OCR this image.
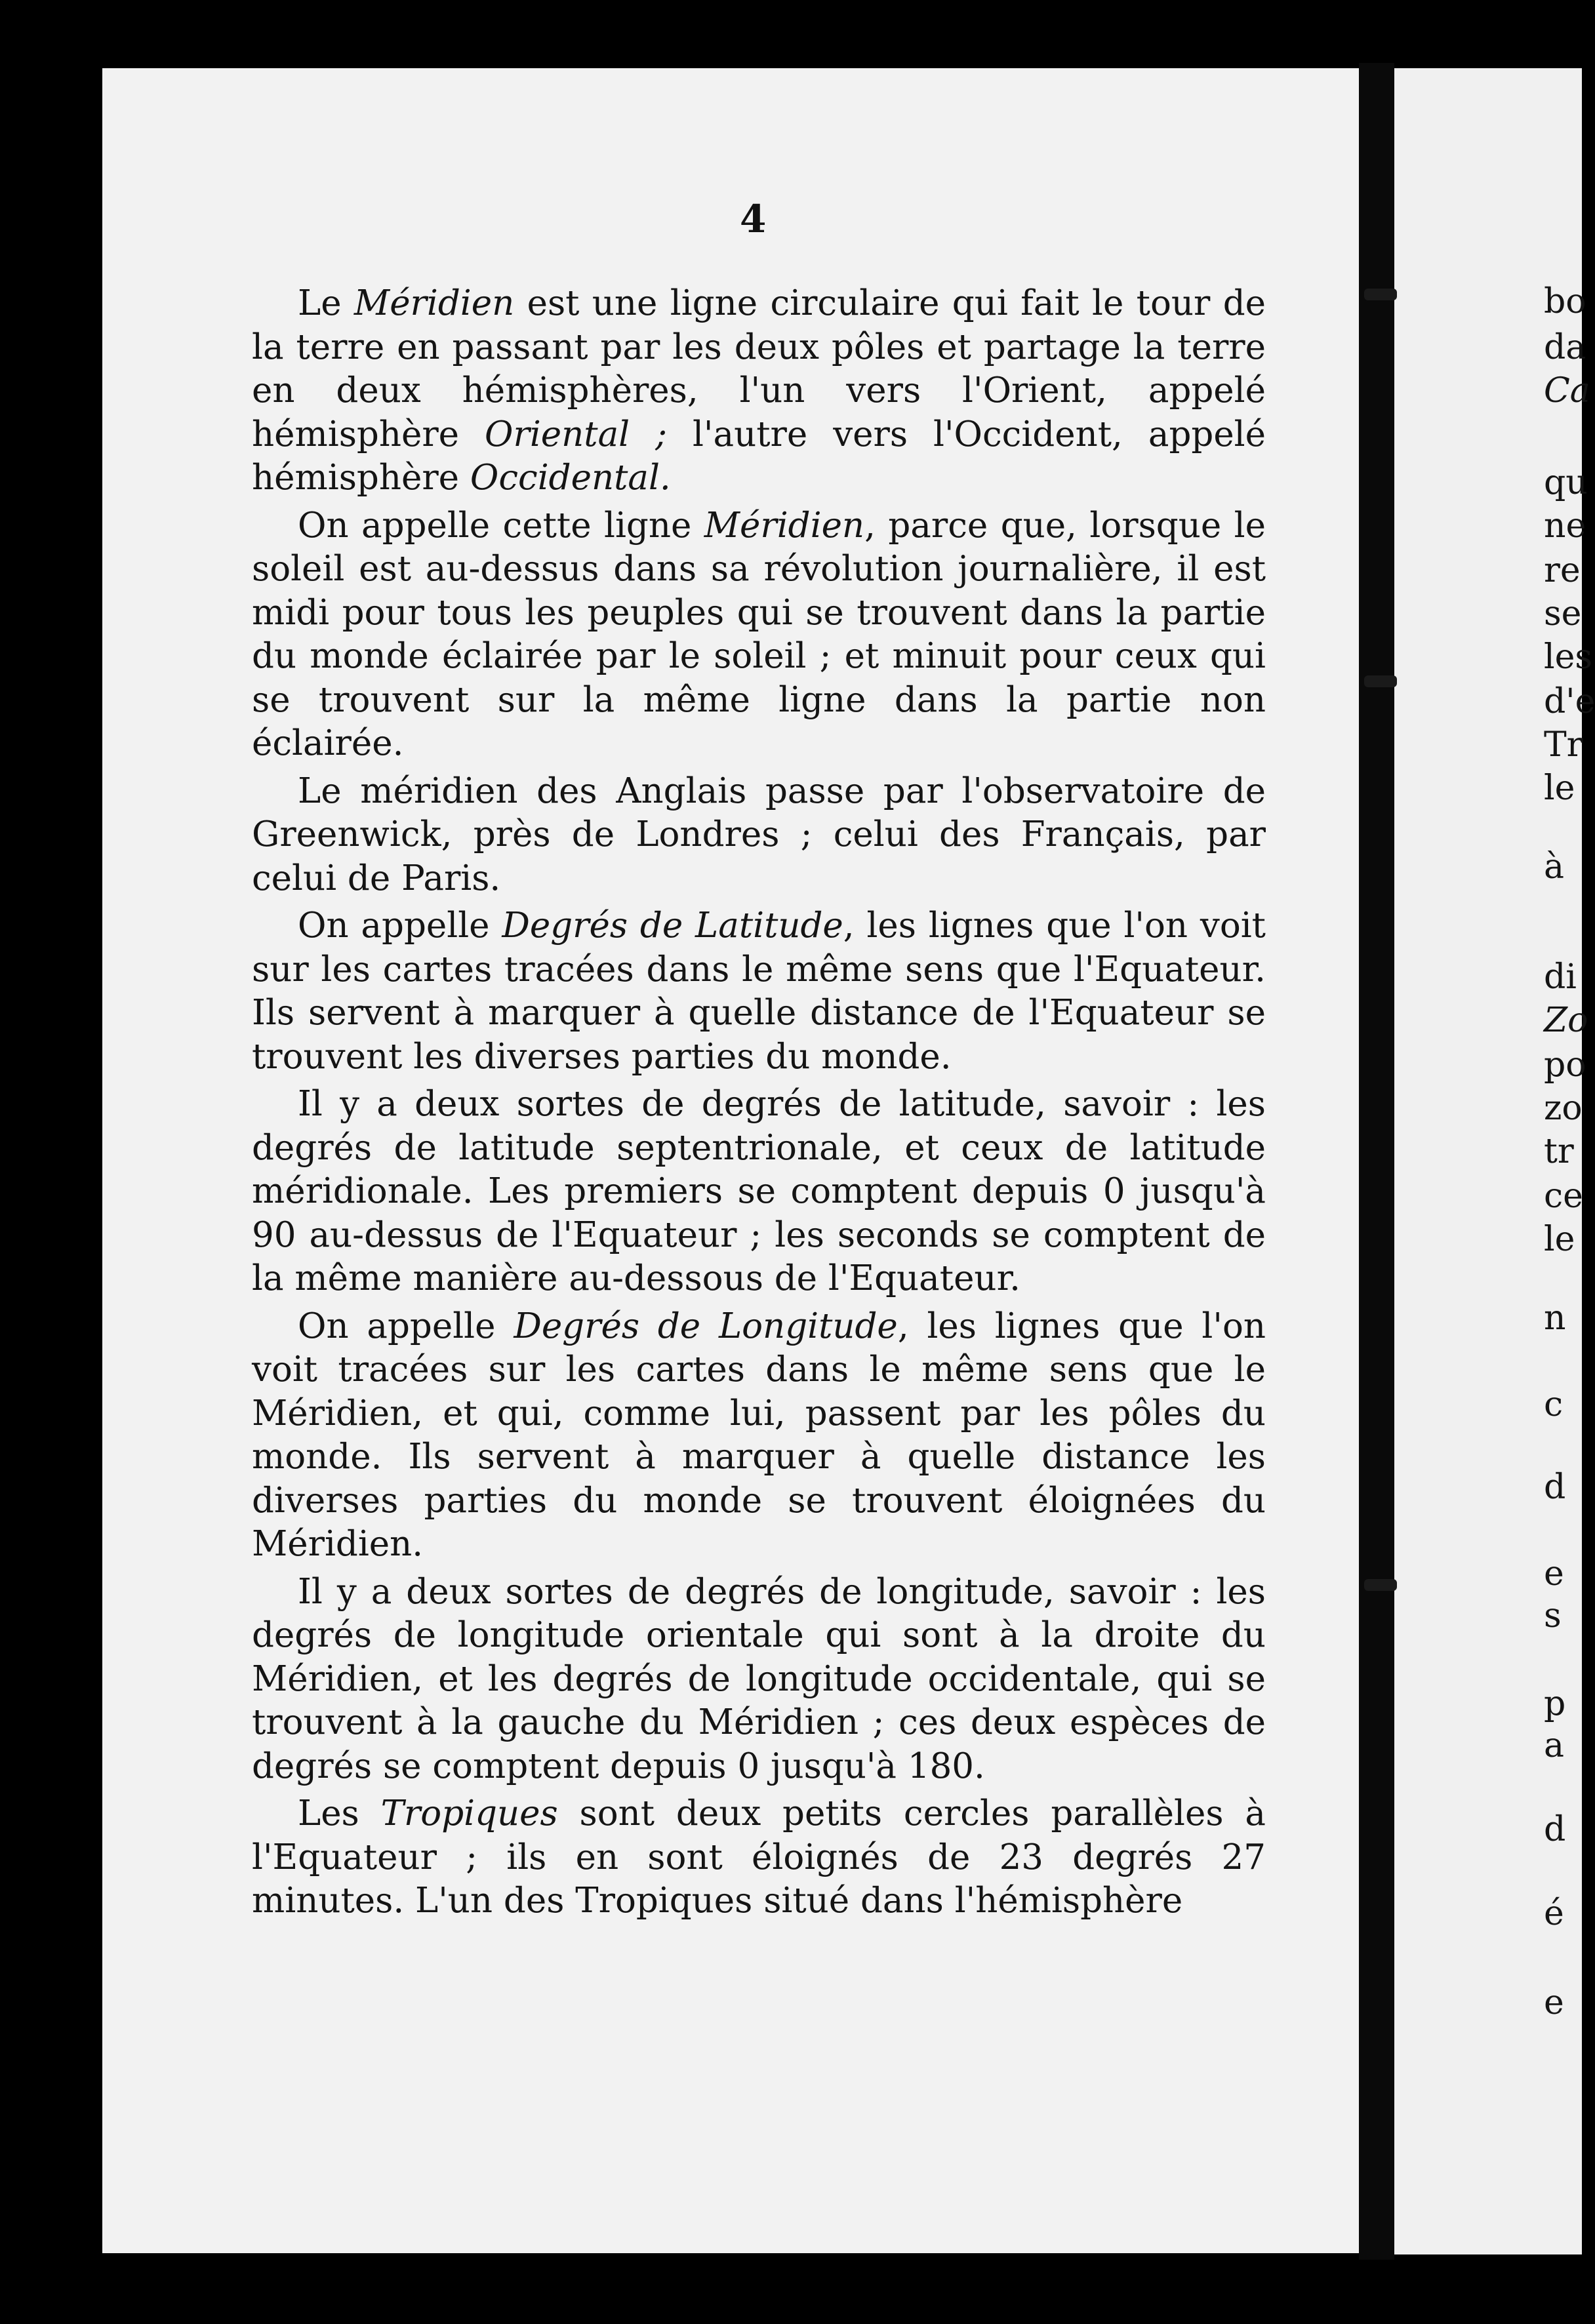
4

Le Méridien est une ligne circulaire qui fait le tour de la terre en passant par les deux pôles et partage la terre en deux hémisphères, l'un vers l'Orient, appelé hémisphère Oriental ; l'autre vers l'Occident, appelé hémisphère Occidental.

On appelle cette ligne Méridien, parce que, lorsque le soleil est au-dessus dans sa révolution journalière, il est midi pour tous les peuples qui se trouvent dans la partie du monde éclairée par le soleil ; et minuit pour ceux qui se trouvent sur la même ligne dans la partie non éclairée.

Le méridien des Anglais passe par l'observatoire de Greenwick, près de Londres ; celui des Français, par celui de Paris.

On appelle Degrés de Latitude, les lignes que l'on voit sur les cartes tracées dans le même sens que l'Equateur. Ils servent à marquer à quelle distance de l'Equateur se trouvent les diverses parties du monde.

Il y a deux sortes de degrés de latitude, savoir : les degrés de latitude septentrionale, et ceux de latitude méridionale. Les premiers se comptent depuis 0 jusqu'à 90 au-dessus de l'Equateur ; les seconds se comptent de la même manière au-dessous de l'Equateur.

On appelle Degrés de Longitude, les lignes que l'on voit tracées sur les cartes dans le même sens que le Méridien, et qui, comme lui, passent par les pôles du monde. Ils servent à marquer à quelle distance les diverses parties du monde se trouvent éloignées du Méridien.

Il y a deux sortes de degrés de longitude, savoir : les degrés de longitude orientale qui sont à la droite du Méridien, et les degrés de longitude occidentale, qui se trouvent à la gauche du Méridien ; ces deux espèces de degrés se comptent depuis 0 jusqu'à 180.

Les Tropiques sont deux petits cercles parallèles à l'Equateur ; ils en sont éloignés de 23 degrés 27 minutes. L'un des Tropiques situé dans l'hémisphère

bo
da
Ca
qu
ne
re
se
les
d'e
Tr
le
à
di
Zo
po
zo
tr
ce
le
n
c
d
e
s
p
a
d
é
e
